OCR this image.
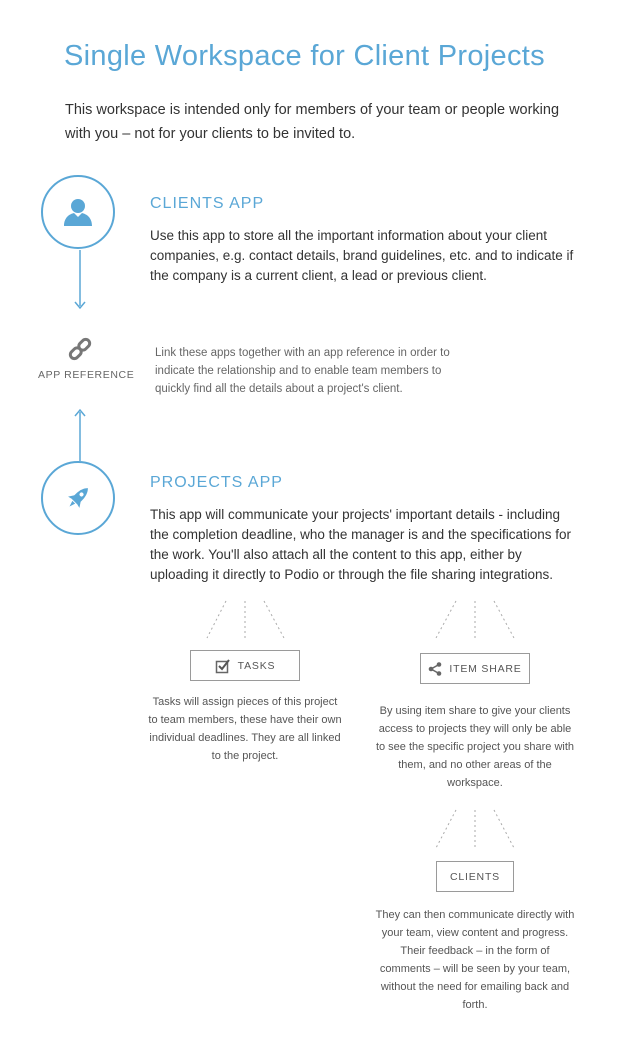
Single Workspace for Client Projects
This workspace is intended only for members of your team or people working with you – not for your clients to be invited to.
CLIENTS APP
Use this app to store all the important information about your client companies, e.g. contact details, brand guidelines, etc. and to indicate if the company is a current client, a lead or previous client.
APP REFERENCE
Link these apps together with an app reference in order to indicate the relationship and to enable team members to quickly find all the details about a project's client.
PROJECTS APP
This app will communicate your projects' important details - including the completion deadline, who the manager is and the specifications for the work. You'll also attach all the content to this app, either by uploading it directly to Podio or through the file sharing integrations.
TASKS
Tasks will assign pieces of this project to team members, these have their own individual deadlines. They are all linked to the project.
ITEM SHARE
By using item share to give your clients access to projects they will only be able to see the specific project you share with them, and no other areas of the workspace.
CLIENTS
They can then communicate directly with your team, view content and progress. Their feedback – in the form of comments – will be seen by your team, without the need for emailing back and forth.
